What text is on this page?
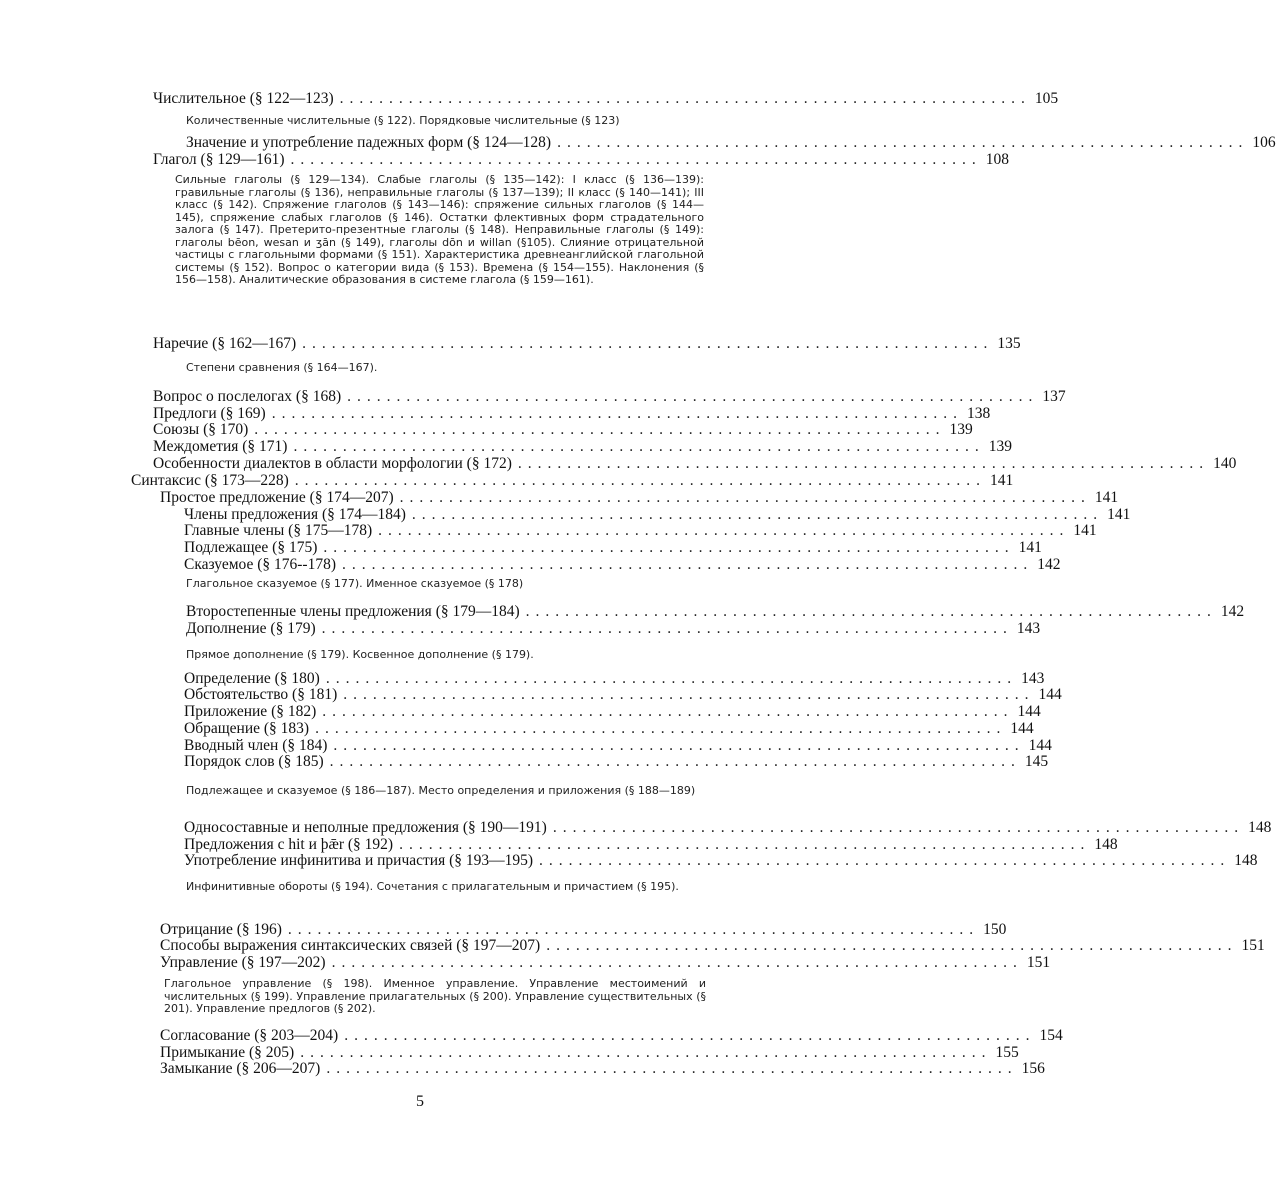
Числительное (§ 122—123) ...................................................................... 105
Количественные числительные (§ 122). Порядковые числительные (§ 123)
Значение и употребление падежных форм (§ 124—128) ...................................................................... 106
Глагол (§ 129—161) ...................................................................... 108
Сильные глаголы (§ 129—134). Слабые глаголы (§ 135—142): I класс (§ 136—139): гравильные глаголы (§ 136), неправильные глаголы (§ 137—139); II класс (§ 140—141); III класс (§ 142). Спряжение глаголов (§ 143—146): спряжение сильных глаголов (§ 144—145), спряжение слабых глаголов (§ 146). Остатки флективных форм страдательного залога (§ 147). Претерито-презентные глаголы (§ 148). Неправильные глаголы (§ 149): глаголы bēon, wesan и ʒān (§ 149), глаголы dōn и willan (§105). Слияние отрицательной частицы с глагольными формами (§ 151). Характеристика древнеанглийской глагольной системы (§ 152). Вопрос о категории вида (§ 153). Времена (§ 154—155). Наклонения (§ 156—158). Аналитические образования в системе глагола (§ 159—161).
Наречие (§ 162—167) ...................................................................... 135
Степени сравнения (§ 164—167).
Вопрос о послелогах (§ 168) ...................................................................... 137
Предлоги (§ 169) ...................................................................... 138
Союзы (§ 170) ...................................................................... 139
Междометия (§ 171) ...................................................................... 139
Особенности диалектов в области морфологии (§ 172) ...................................................................... 140
Синтаксис (§ 173—228) ...................................................................... 141
Простое предложение (§ 174—207) ...................................................................... 141
Члены предложения (§ 174—184) ...................................................................... 141
Главные члены (§ 175—178) ...................................................................... 141
Подлежащее (§ 175) ...................................................................... 141
Сказуемое (§ 176--178) ...................................................................... 142
Глагольное сказуемое (§ 177). Именное сказуемое (§ 178)
Второстепенные члены предложения (§ 179—184) ...................................................................... 142
Дополнение (§ 179) ...................................................................... 143
Прямое дополнение (§ 179). Косвенное дополнение (§ 179).
Определение (§ 180) ...................................................................... 143
Обстоятельство (§ 181) ...................................................................... 144
Приложение (§ 182) ...................................................................... 144
Обращение (§ 183) ...................................................................... 144
Вводный член (§ 184) ...................................................................... 144
Порядок слов (§ 185) ...................................................................... 145
Подлежащее и сказуемое (§ 186—187). Место определения и приложения (§ 188—189)
Односоставные и неполные предложения (§ 190—191) ...................................................................... 148
Предложения с hit и þǣr (§ 192) ...................................................................... 148
Употребление инфинитива и причастия (§ 193—195) ...................................................................... 148
Инфинитивные обороты (§ 194). Сочетания с прилагательным и причастием (§ 195).
Отрицание (§ 196) ...................................................................... 150
Способы выражения синтаксических связей (§ 197—207) ...................................................................... 151
Управление (§ 197—202) ...................................................................... 151
Глагольное управление (§ 198). Именное управление. Управление местоимений и числительных (§ 199). Управление прилагательных (§ 200). Управление существительных (§ 201). Управление предлогов (§ 202).
Согласование (§ 203—204) ...................................................................... 154
Примыкание (§ 205) ...................................................................... 155
Замыкание (§ 206—207) ...................................................................... 156
5
